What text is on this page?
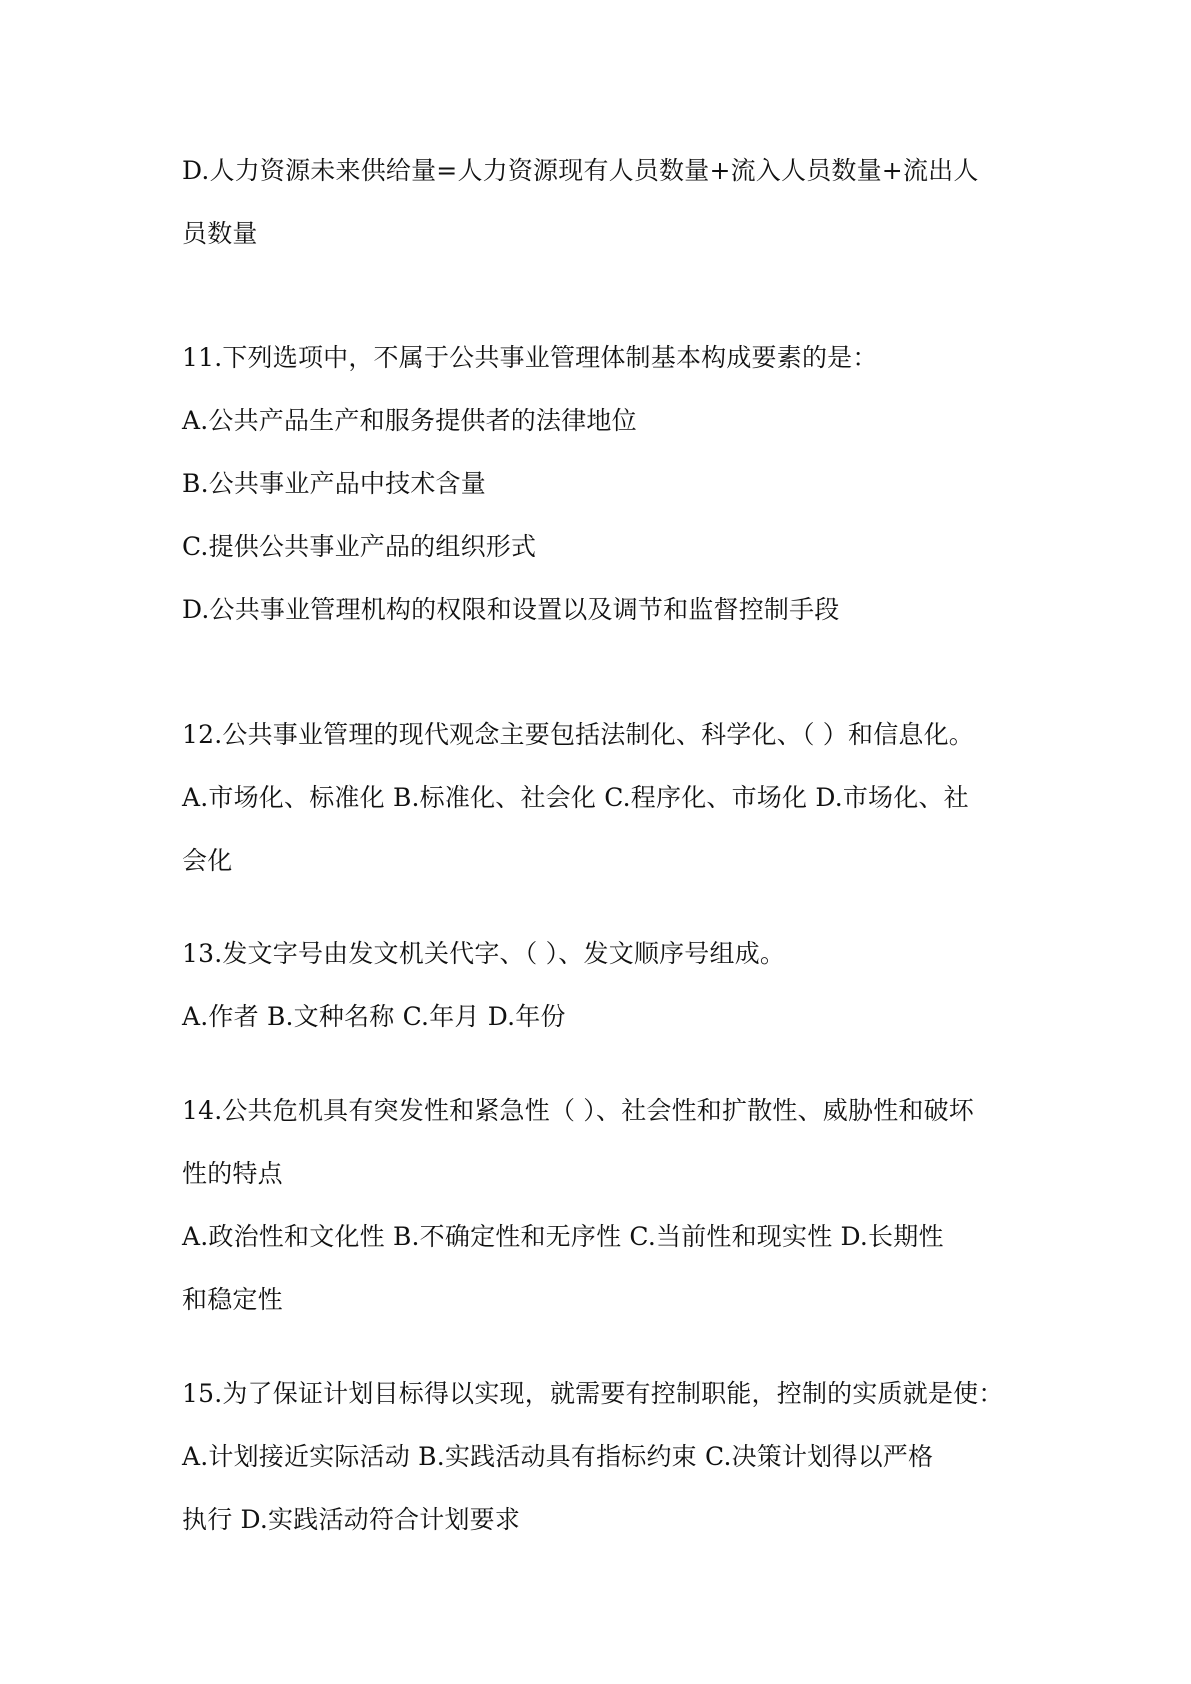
D.人力资源未来供给量=人力资源现有人员数量+流入人员数量+流出人
员数量
11.下列选项中，不属于公共事业管理体制基本构成要素的是：
A.公共产品生产和服务提供者的法律地位
B.公共事业产品中技术含量
C.提供公共事业产品的组织形式
D.公共事业管理机构的权限和设置以及调节和监督控制手段
12.公共事业管理的现代观念主要包括法制化、科学化、（ ）和信息化。
A.市场化、标准化 B.标准化、社会化 C.程序化、市场化 D.市场化、社
会化
13.发文字号由发文机关代字、（ ）、发文顺序号组成。
A.作者 B.文种名称 C.年月 D.年份
14.公共危机具有突发性和紧急性（ ）、社会性和扩散性、威胁性和破坏
性的特点
A.政治性和文化性 B.不确定性和无序性 C.当前性和现实性 D.长期性
和稳定性
15.为了保证计划目标得以实现，就需要有控制职能，控制的实质就是使：
A.计划接近实际活动 B.实践活动具有指标约束 C.决策计划得以严格
执行 D.实践活动符合计划要求
